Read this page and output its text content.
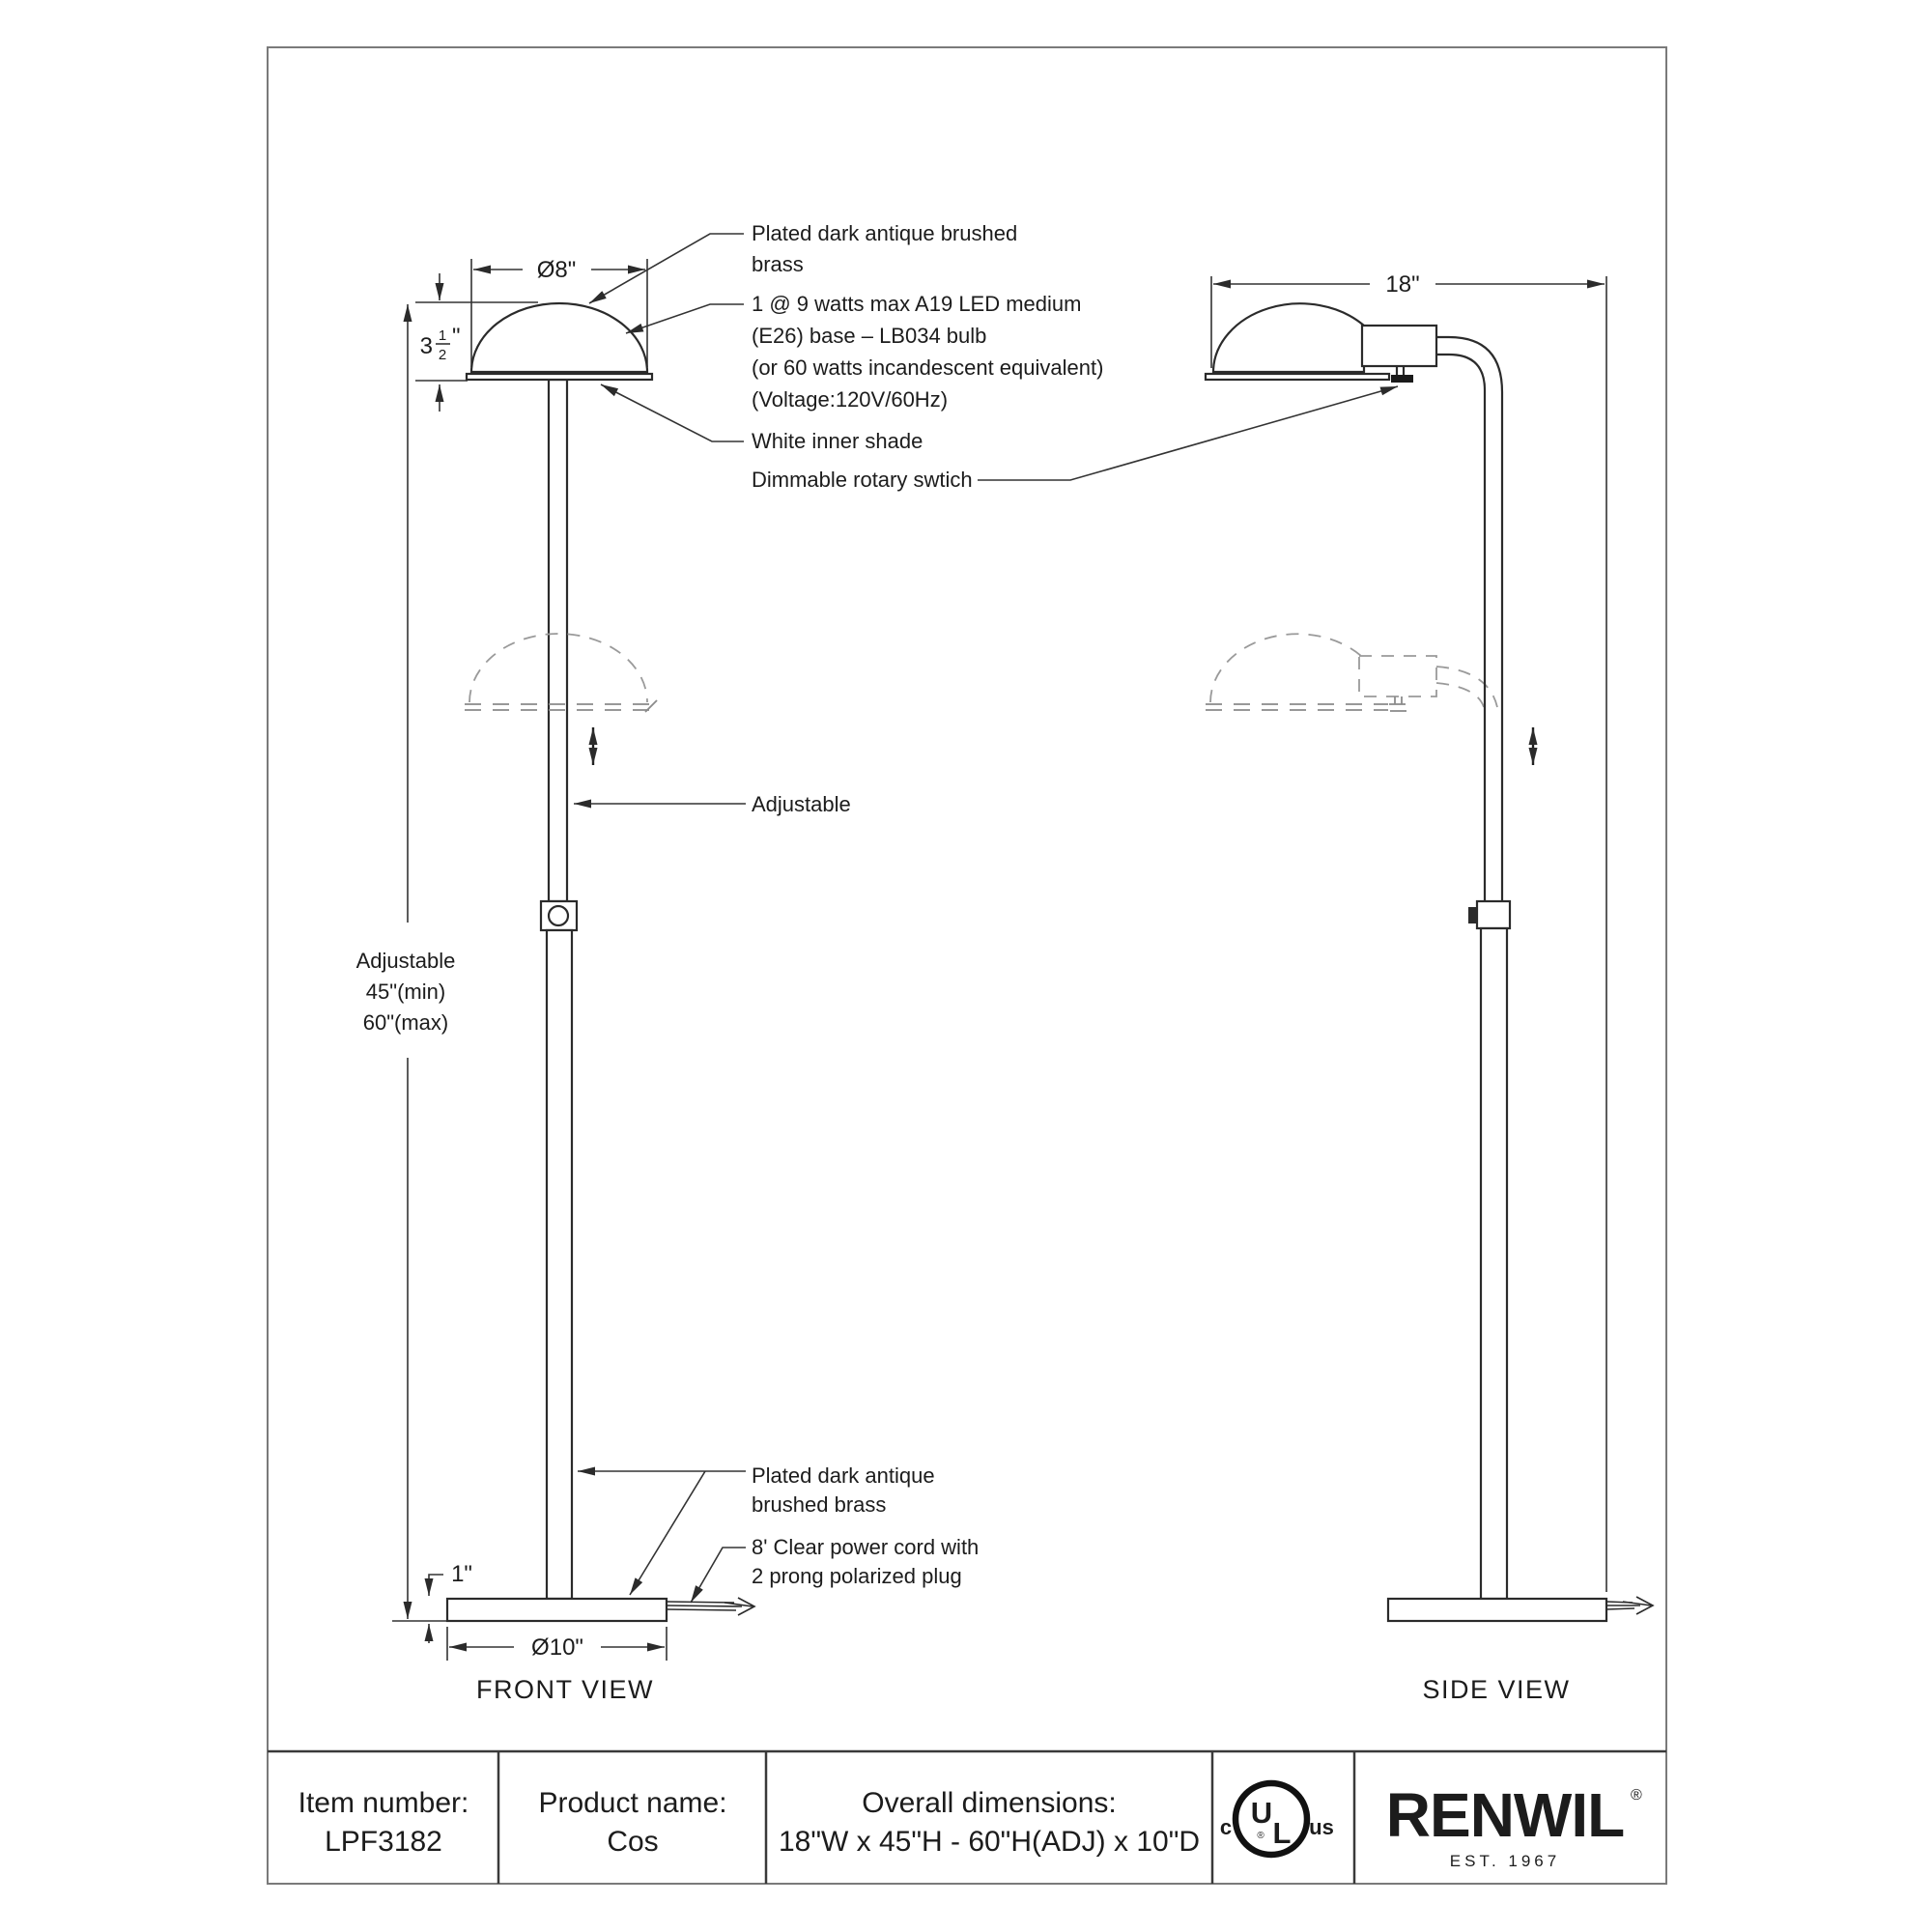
Ø8"
3 1
2
"
Adjustable
45"(min)
60"(max)
1"
Ø10"
FRONT VIEW
Plated dark antique brushed
brass
1 @ 9 watts max A19 LED medium
(E26) base – LB034 bulb
(or 60 watts incandescent equivalent)
(Voltage:120V/60Hz)
White inner shade
Dimmable rotary swtich
Adjustable
Plated dark antique
brushed brass
8' Clear power cord with
2 prong polarized plug
18"
SIDE VIEW
Item number:
LPF3182
Product name:
Cos
Overall dimensions:
18"W x 45"H - 60"H(ADJ) x 10"D
U
L
®
c	us RENWIL ®
EST. 1967
